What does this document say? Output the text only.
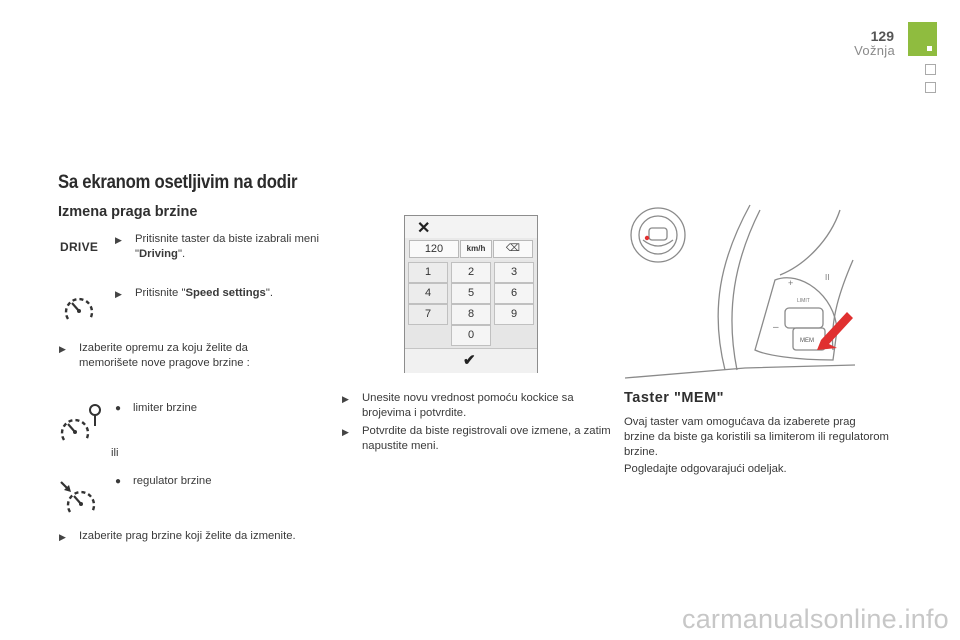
129
Vožnja
Sa ekranom osetljivim na dodir
Izmena praga brzine
DRIVE ▶ Pritisnite taster da biste izabrali meni "Driving".
▶ Pritisnite "Speed settings".
▶ Izaberite opremu za koju želite da memorišete nove pragove brzine :
● limiter brzine
ili
● regulator brzine
▶ Izaberite prag brzine koji želite da izmenite.
✕
120	km/h	⌫
1	2	3
4	5	6
7	8	9
0
✔
▶ Unesite novu vrednost pomoću kockice sa brojevima i potvrdite.
▶ Potvrdite da biste registrovali ove izmene, a zatim napustite meni.
+
II
–
LIMIT
MEM
Taster "MEM"
Ovaj taster vam omogućava da izaberete prag brzine da biste ga koristili sa limiterom ili regulatorom brzine.
Pogledajte odgovarajući odeljak.
carmanualsonline.info
